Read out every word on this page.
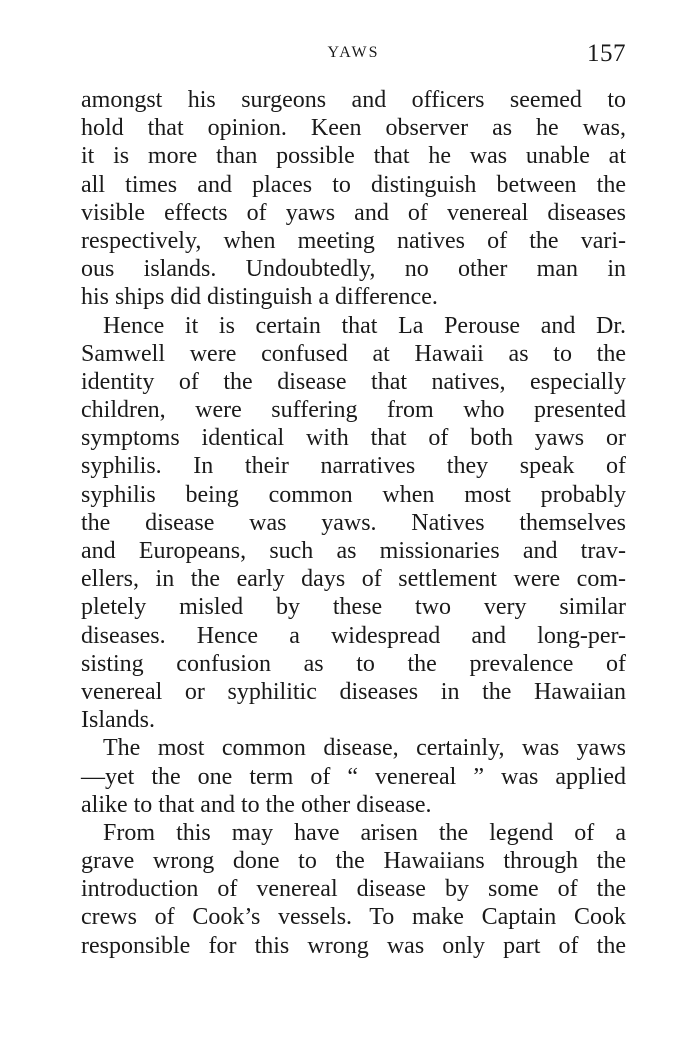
YAWS	157
amongst his surgeons and officers seemed to
hold that opinion. Keen observer as he was,
it is more than possible that he was unable at
all times and places to distinguish between the
visible effects of yaws and of venereal diseases
respectively, when meeting natives of the vari-
ous islands. Undoubtedly, no other man in
his ships did distinguish a difference.
Hence it is certain that La Perouse and Dr.
Samwell were confused at Hawaii as to the
identity of the disease that natives, especially
children, were suffering from who presented
symptoms identical with that of both yaws or
syphilis. In their narratives they speak of
syphilis being common when most probably
the disease was yaws. Natives themselves
and Europeans, such as missionaries and trav-
ellers, in the early days of settlement were com-
pletely misled by these two very similar
diseases. Hence a widespread and long-per-
sisting confusion as to the prevalence of
venereal or syphilitic diseases in the Hawaiian
Islands.
The most common disease, certainly, was yaws
—yet the one term of “ venereal ” was applied
alike to that and to the other disease.
From this may have arisen the legend of a
grave wrong done to the Hawaiians through the
introduction of venereal disease by some of the
crews of Cook’s vessels. To make Captain Cook
responsible for this wrong was only part of the
